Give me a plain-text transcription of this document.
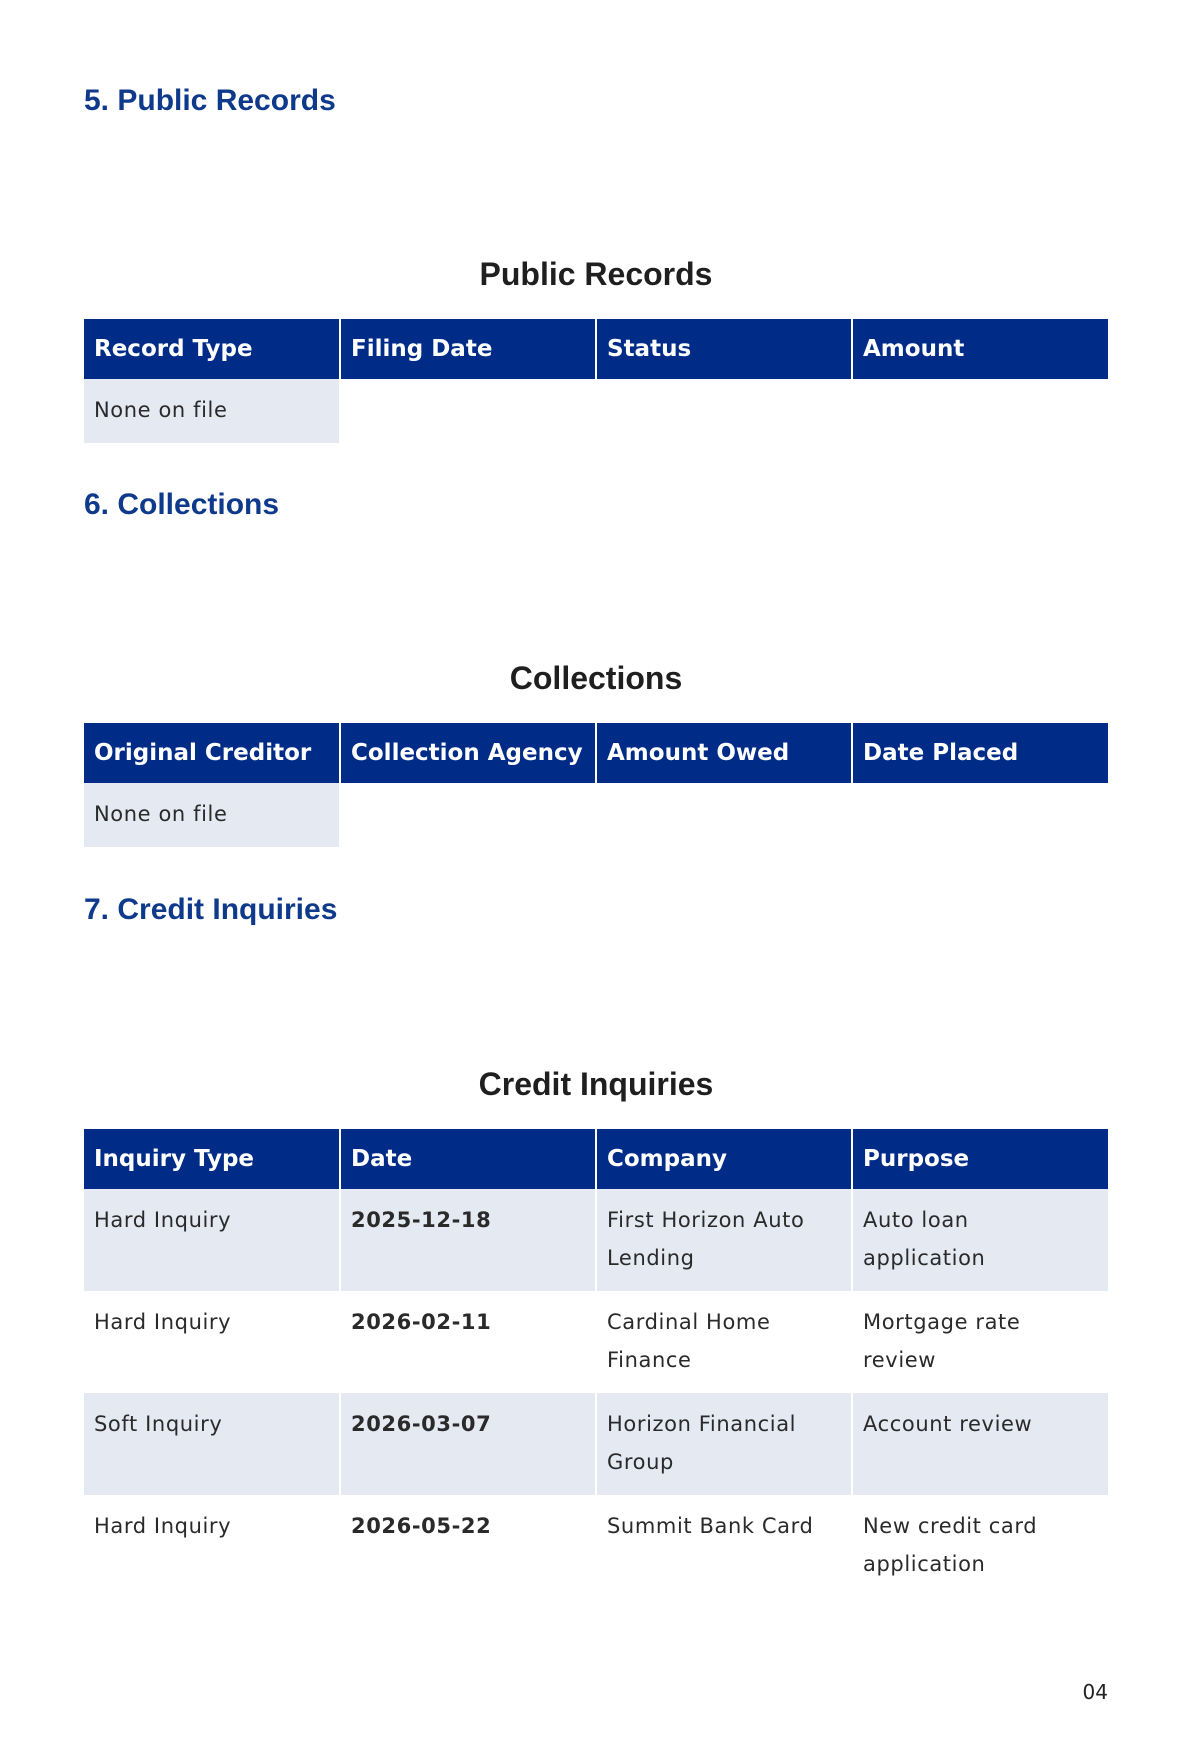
5. Public Records
Public Records
Record Type	Filing Date	Status	Amount
None on file			
6. Collections
Collections
Original Creditor	Collection Agency	Amount Owed	Date Placed
None on file			
7. Credit Inquiries
Credit Inquiries
Inquiry Type	Date	Company	Purpose
Hard Inquiry	2025-12-18	First Horizon Auto Lending	Auto loan application
Hard Inquiry	2026-02-11	Cardinal Home Finance	Mortgage rate review
Soft Inquiry	2026-03-07	Horizon Financial Group	Account review
Hard Inquiry	2026-05-22	Summit Bank Card	New credit card application
04
